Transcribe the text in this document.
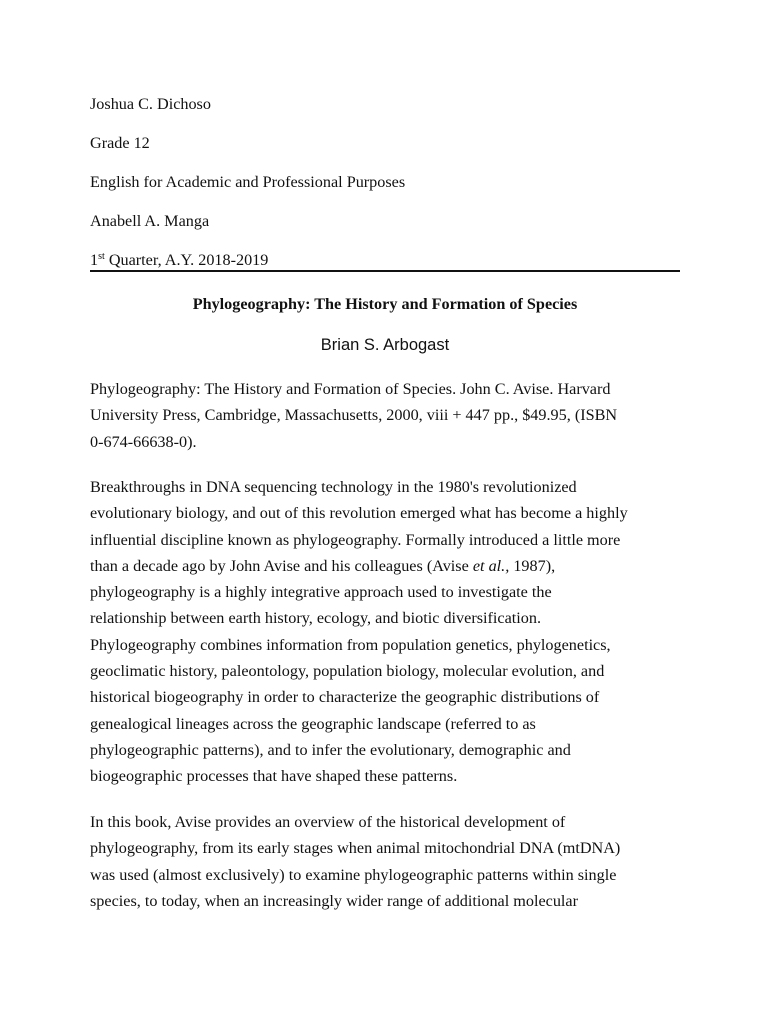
Joshua C. Dichoso
Grade 12
English for Academic and Professional Purposes
Anabell A. Manga
1st Quarter, A.Y. 2018-2019
Phylogeography: The History and Formation of Species
Brian S. Arbogast
Phylogeography: The History and Formation of Species. John C. Avise. Harvard
University Press, Cambridge, Massachusetts, 2000, viii + 447 pp., $49.95, (ISBN
0-674-66638-0).
Breakthroughs in DNA sequencing technology in the 1980's revolutionized
evolutionary biology, and out of this revolution emerged what has become a highly
influential discipline known as phylogeography. Formally introduced a little more
than a decade ago by John Avise and his colleagues (Avise et al., 1987),
phylogeography is a highly integrative approach used to investigate the
relationship between earth history, ecology, and biotic diversification.
Phylogeography combines information from population genetics, phylogenetics,
geoclimatic history, paleontology, population biology, molecular evolution, and
historical biogeography in order to characterize the geographic distributions of
genealogical lineages across the geographic landscape (referred to as
phylogeographic patterns), and to infer the evolutionary, demographic and
biogeographic processes that have shaped these patterns.
In this book, Avise provides an overview of the historical development of
phylogeography, from its early stages when animal mitochondrial DNA (mtDNA)
was used (almost exclusively) to examine phylogeographic patterns within single
species, to today, when an increasingly wider range of additional molecular
